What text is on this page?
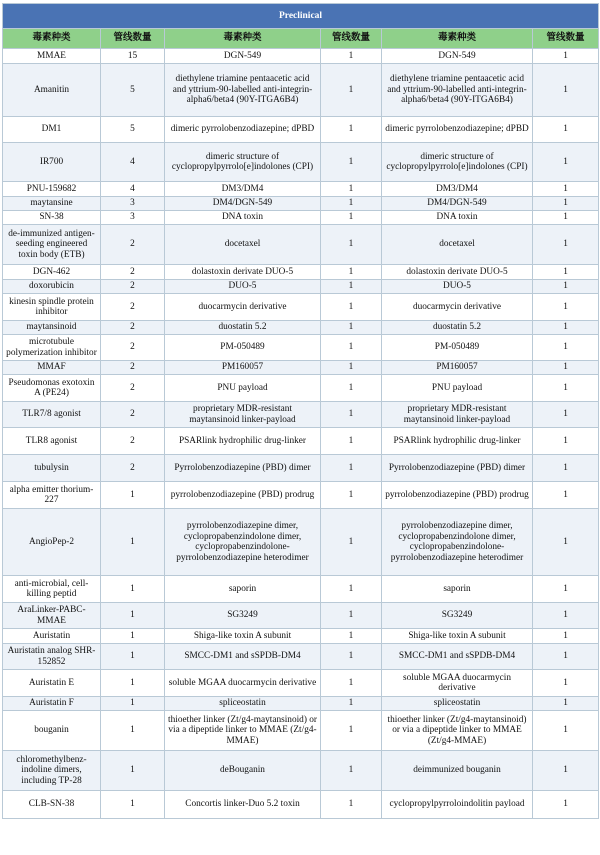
Preclinical					
毒素种类	管线数量	毒素种类	管线数量	毒素种类	管线数量
MMAE	15	DGN-549	1	DGN-549	1
Amanitin	5	diethylene triamine pentaacetic acid and yttrium-90-labelled anti-integrin-alpha6/beta4 (90Y-ITGA6B4)	1	diethylene triamine pentaacetic acid and yttrium-90-labelled anti-integrin-alpha6/beta4 (90Y-ITGA6B4)	1
DM1	5	dimeric pyrrolobenzodiazepine; dPBD	1	dimeric pyrrolobenzodiazepine; dPBD	1
IR700	4	dimeric structure of cyclopropylpyrrolo[e]indolones (CPI)	1	dimeric structure of cyclopropylpyrrolo[e]indolones (CPI)	1
PNU-159682	4	DM3/DM4	1	DM3/DM4	1
maytansine	3	DM4/DGN-549	1	DM4/DGN-549	1
SN-38	3	DNA toxin	1	DNA toxin	1
de-immunized antigen-seeding engineered toxin body (ETB)	2	docetaxel	1	docetaxel	1
DGN-462	2	dolastoxin derivate DUO-5	1	dolastoxin derivate DUO-5	1
doxorubicin	2	DUO-5	1	DUO-5	1
kinesin spindle protein inhibitor	2	duocarmycin derivative	1	duocarmycin derivative	1
maytansinoid	2	duostatin 5.2	1	duostatin 5.2	1
microtubule polymerization inhibitor	2	PM-050489	1	PM-050489	1
MMAF	2	PM160057	1	PM160057	1
Pseudomonas exotoxin A (PE24)	2	PNU payload	1	PNU payload	1
TLR7/8 agonist	2	proprietary MDR-resistant maytansinoid linker-payload	1	proprietary MDR-resistant maytansinoid linker-payload	1
TLR8 agonist	2	PSARlink hydrophilic drug-linker	1	PSARlink hydrophilic drug-linker	1
tubulysin	2	Pyrrolobenzodiazepine (PBD) dimer	1	Pyrrolobenzodiazepine (PBD) dimer	1
alpha emitter thorium-227	1	pyrrolobenzodiazepine (PBD) prodrug	1	pyrrolobenzodiazepine (PBD) prodrug	1
AngioPep-2	1	pyrrolobenzodiazepine dimer, cyclopropabenzindolone dimer, cyclopropabenzindolone-pyrrolobenzodiazepine heterodimer	1	pyrrolobenzodiazepine dimer, cyclopropabenzindolone dimer, cyclopropabenzindolone-pyrrolobenzodiazepine heterodimer	1
anti-microbial, cell-killing peptid	1	saporin	1	saporin	1
AraLinker-PABC-MMAE	1	SG3249	1	SG3249	1
Auristatin	1	Shiga-like toxin A subunit	1	Shiga-like toxin A subunit	1
Auristatin analog SHR-152852	1	SMCC-DM1 and sSPDB-DM4	1	SMCC-DM1 and sSPDB-DM4	1
Auristatin E	1	soluble MGAA duocarmycin derivative	1	soluble MGAA duocarmycin derivative	1
Auristatin F	1	spliceostatin	1	spliceostatin	1
bouganin	1	thioether linker (Zt/g4-maytansinoid) or via a dipeptide linker to MMAE (Zt/g4-MMAE)	1	thioether linker (Zt/g4-maytansinoid) or via a dipeptide linker to MMAE (Zt/g4-MMAE)	1
chloromethylbenz-indoline dimers, including TP-28	1	deBouganin	1	deimmunized bouganin	1
CLB-SN-38	1	Concortis linker-Duo 5.2 toxin	1	cyclopropylpyrroloindolitin payload	1
